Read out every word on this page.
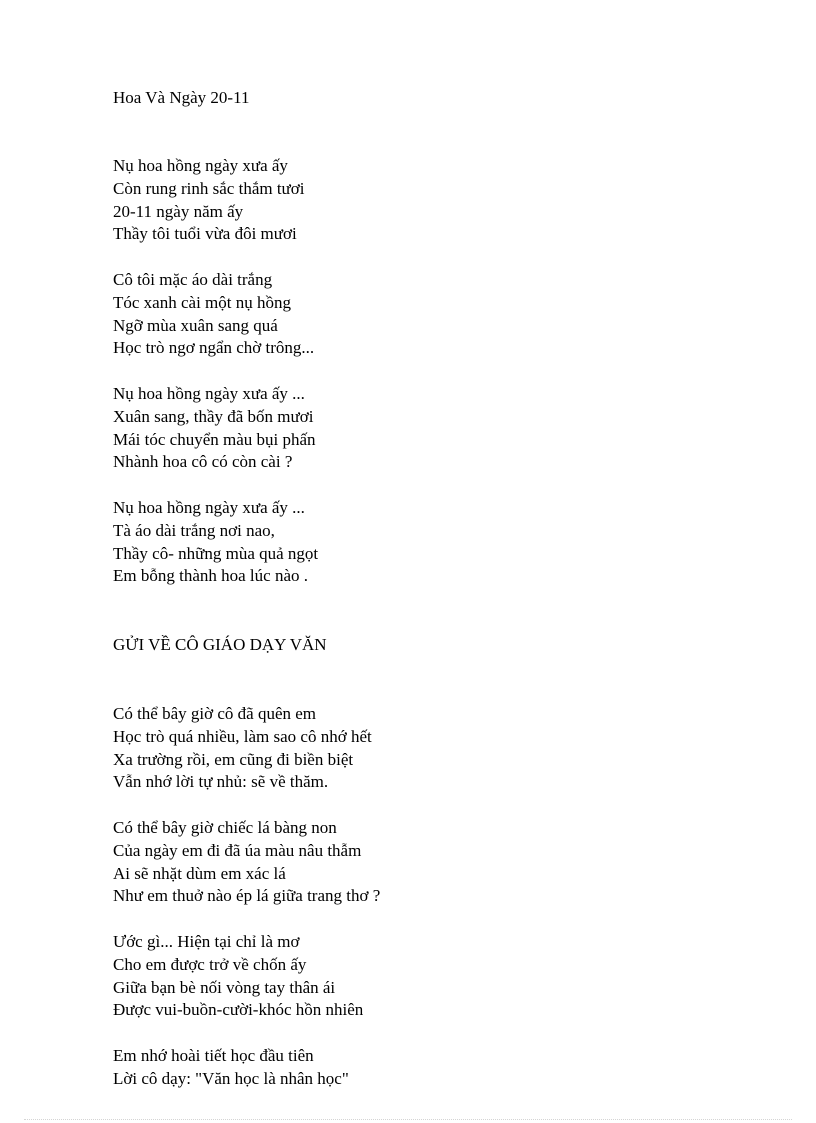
Hoa Và Ngày 20-11
Nụ hoa hồng ngày xưa ấy
Còn rung rinh sắc thắm tươi
20-11 ngày năm ấy
Thầy tôi tuổi vừa đôi mươi
Cô tôi mặc áo dài trắng
Tóc xanh cài một nụ hồng
Ngỡ mùa xuân sang quá
Học trò ngơ ngẩn chờ trông...
Nụ hoa hồng ngày xưa ấy ...
Xuân sang, thầy đã bốn mươi
Mái tóc chuyển màu bụi phấn
Nhành hoa cô có còn cài ?
Nụ hoa hồng ngày xưa ấy ...
Tà áo dài trắng nơi nao,
Thầy cô- những mùa quả ngọt
Em bỗng thành hoa lúc nào .
GỬI VỀ CÔ GIÁO DẠY VĂN
Có thể bây giờ cô đã quên em
Học trò quá nhiều, làm sao cô nhớ hết
Xa trường rồi, em cũng đi biền biệt
Vẫn nhớ lời tự nhủ: sẽ về thăm.
Có thể bây giờ chiếc lá bàng non
Của ngày em đi đã úa màu nâu thẫm
Ai sẽ nhặt dùm em xác lá
Như em thuở nào ép lá giữa trang thơ ?
Ước gì... Hiện tại chỉ là mơ
Cho em được trở về chốn ấy
Giữa bạn bè nối vòng tay thân ái
Được vui-buồn-cười-khóc hồn nhiên
Em nhớ hoài tiết học đầu tiên
Lời cô dạy: "Văn học là nhân học"
